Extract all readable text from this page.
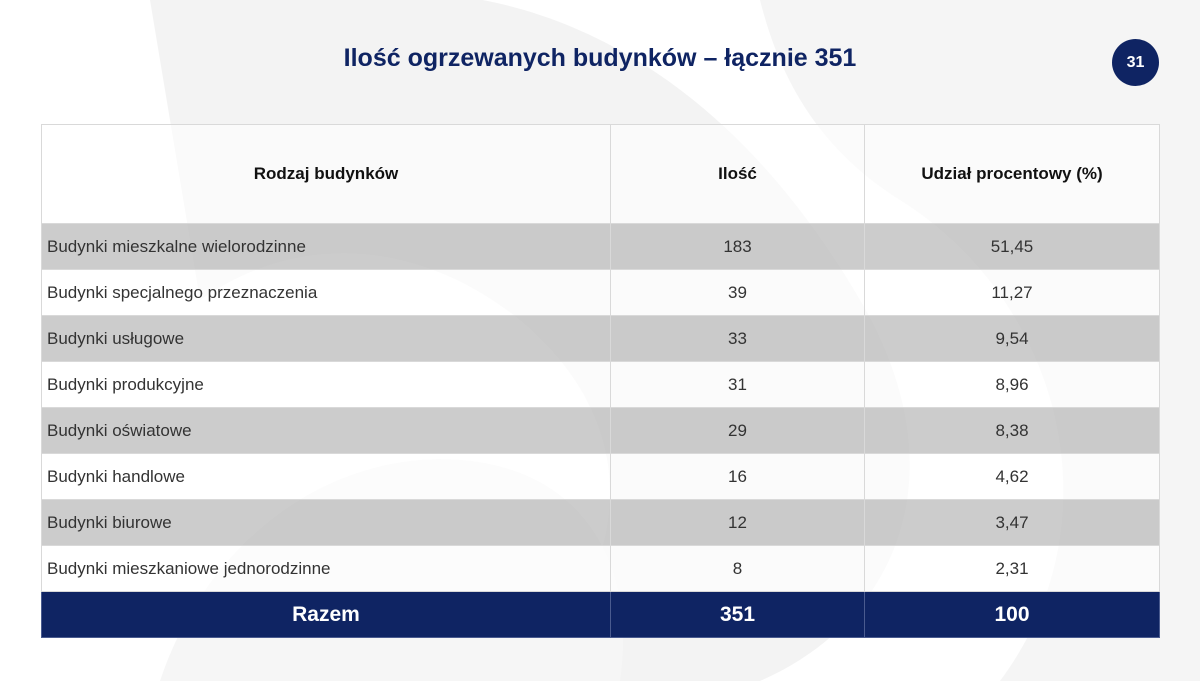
Ilość ogrzewanych budynków – łącznie 351	31
Rodzaj budynków	Ilość	Udział procentowy (%)
Budynki mieszkalne wielorodzinne	183	51,45
Budynki specjalnego przeznaczenia	39	11,27
Budynki usługowe	33	9,54
Budynki produkcyjne	31	8,96
Budynki oświatowe	29	8,38
Budynki handlowe	16	4,62
Budynki biurowe	12	3,47
Budynki mieszkaniowe jednorodzinne	8	2,31
Razem	351	100
